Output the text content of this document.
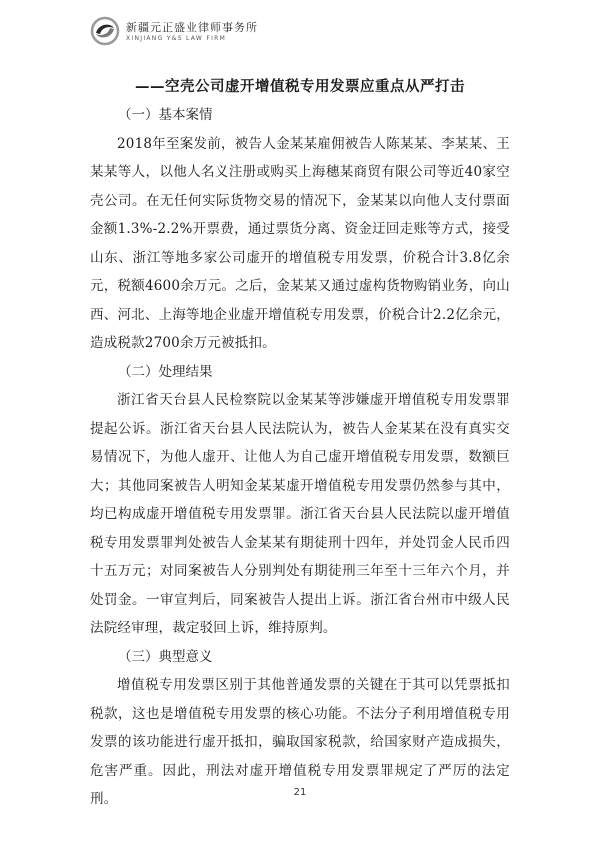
新疆元正盛业律师事务所
XINJIANG Y&S LAW FIRM
——空壳公司虚开增值税专用发票应重点从严打击

（一）基本案情

2018年至案发前，被告人金某某雇佣被告人陈某某、李某某、王某某等人，以他人名义注册或购买上海穗某商贸有限公司等近40家空壳公司。在无任何实际货物交易的情况下，金某某以向他人支付票面金额1.3%-2.2%开票费，通过票货分离、资金迂回走账等方式，接受山东、浙江等地多家公司虚开的增值税专用发票，价税合计3.8亿余元，税额4600余万元。之后，金某某又通过虚构货物购销业务，向山西、河北、上海等地企业虚开增值税专用发票，价税合计2.2亿余元，造成税款2700余万元被抵扣。

（二）处理结果

浙江省天台县人民检察院以金某某等涉嫌虚开增值税专用发票罪提起公诉。浙江省天台县人民法院认为，被告人金某某在没有真实交易情况下，为他人虚开、让他人为自己虚开增值税专用发票，数额巨大；其他同案被告人明知金某某虚开增值税专用发票仍然参与其中，均已构成虚开增值税专用发票罪。浙江省天台县人民法院以虚开增值税专用发票罪判处被告人金某某有期徒刑十四年，并处罚金人民币四十五万元；对同案被告人分别判处有期徒刑三年至十三年六个月，并处罚金。一审宣判后，同案被告人提出上诉。浙江省台州市中级人民法院经审理，裁定驳回上诉，维持原判。

（三）典型意义

增值税专用发票区别于其他普通发票的关键在于其可以凭票抵扣税款，这也是增值税专用发票的核心功能。不法分子利用增值税专用发票的该功能进行虚开抵扣，骗取国家税款，给国家财产造成损失，危害严重。因此，刑法对虚开增值税专用发票罪规定了严厉的法定刑。	21
